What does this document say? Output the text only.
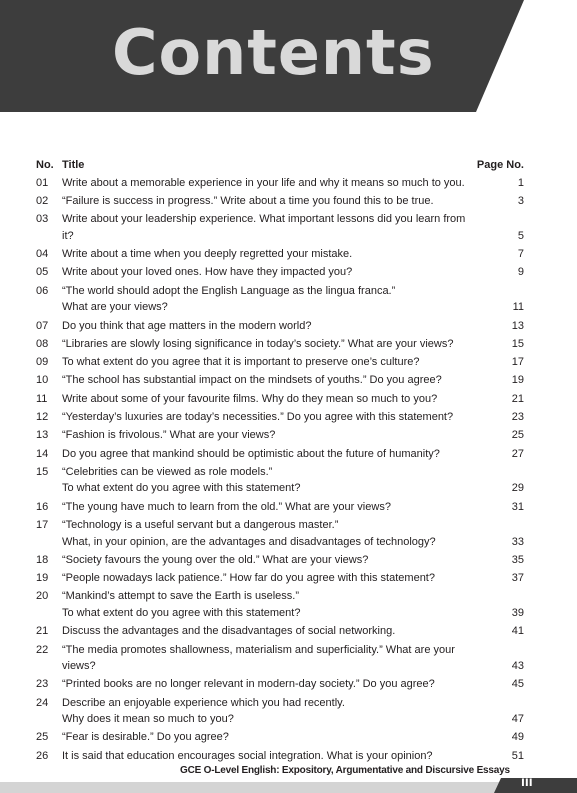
Contents
No. Title	Page No.
01	Write about a memorable experience in your life and why it means so much to you.	1
02	“Failure is success in progress.” Write about a time you found this to be true.	3
03	Write about your leadership experience. What important lessons did you learn from it?	5
04	Write about a time when you deeply regretted your mistake.	7
05	Write about your loved ones. How have they impacted you?	9
06	“The world should adopt the English Language as the lingua franca.”
What are your views?	11
07	Do you think that age matters in the modern world?	13
08	“Libraries are slowly losing significance in today’s society.” What are your views?	15
09	To what extent do you agree that it is important to preserve one’s culture?	17
10	“The school has substantial impact on the mindsets of youths.” Do you agree?	19
11	Write about some of your favourite films. Why do they mean so much to you?	21
12	“Yesterday’s luxuries are today’s necessities.” Do you agree with this statement?	23
13	“Fashion is frivolous.” What are your views?	25
14	Do you agree that mankind should be optimistic about the future of humanity?	27
15	“Celebrities can be viewed as role models.”
To what extent do you agree with this statement?	29
16	“The young have much to learn from the old.” What are your views?	31
17	“Technology is a useful servant but a dangerous master.”
What, in your opinion, are the advantages and disadvantages of technology?	33
18	“Society favours the young over the old.” What are your views?	35
19	“People nowadays lack patience.” How far do you agree with this statement?	37
20	“Mankind’s attempt to save the Earth is useless.”
To what extent do you agree with this statement?	39
21	Discuss the advantages and the disadvantages of social networking.	41
22	“The media promotes shallowness, materialism and superficiality.” What are your views?	43
23	“Printed books are no longer relevant in modern-day society.” Do you agree?	45
24	Describe an enjoyable experience which you had recently.
Why does it mean so much to you?	47
25	“Fear is desirable.” Do you agree?	49
26	It is said that education encourages social integration. What is your opinion?	51
GCE O-Level English: Expository, Argumentative and Discursive Essays
iii
